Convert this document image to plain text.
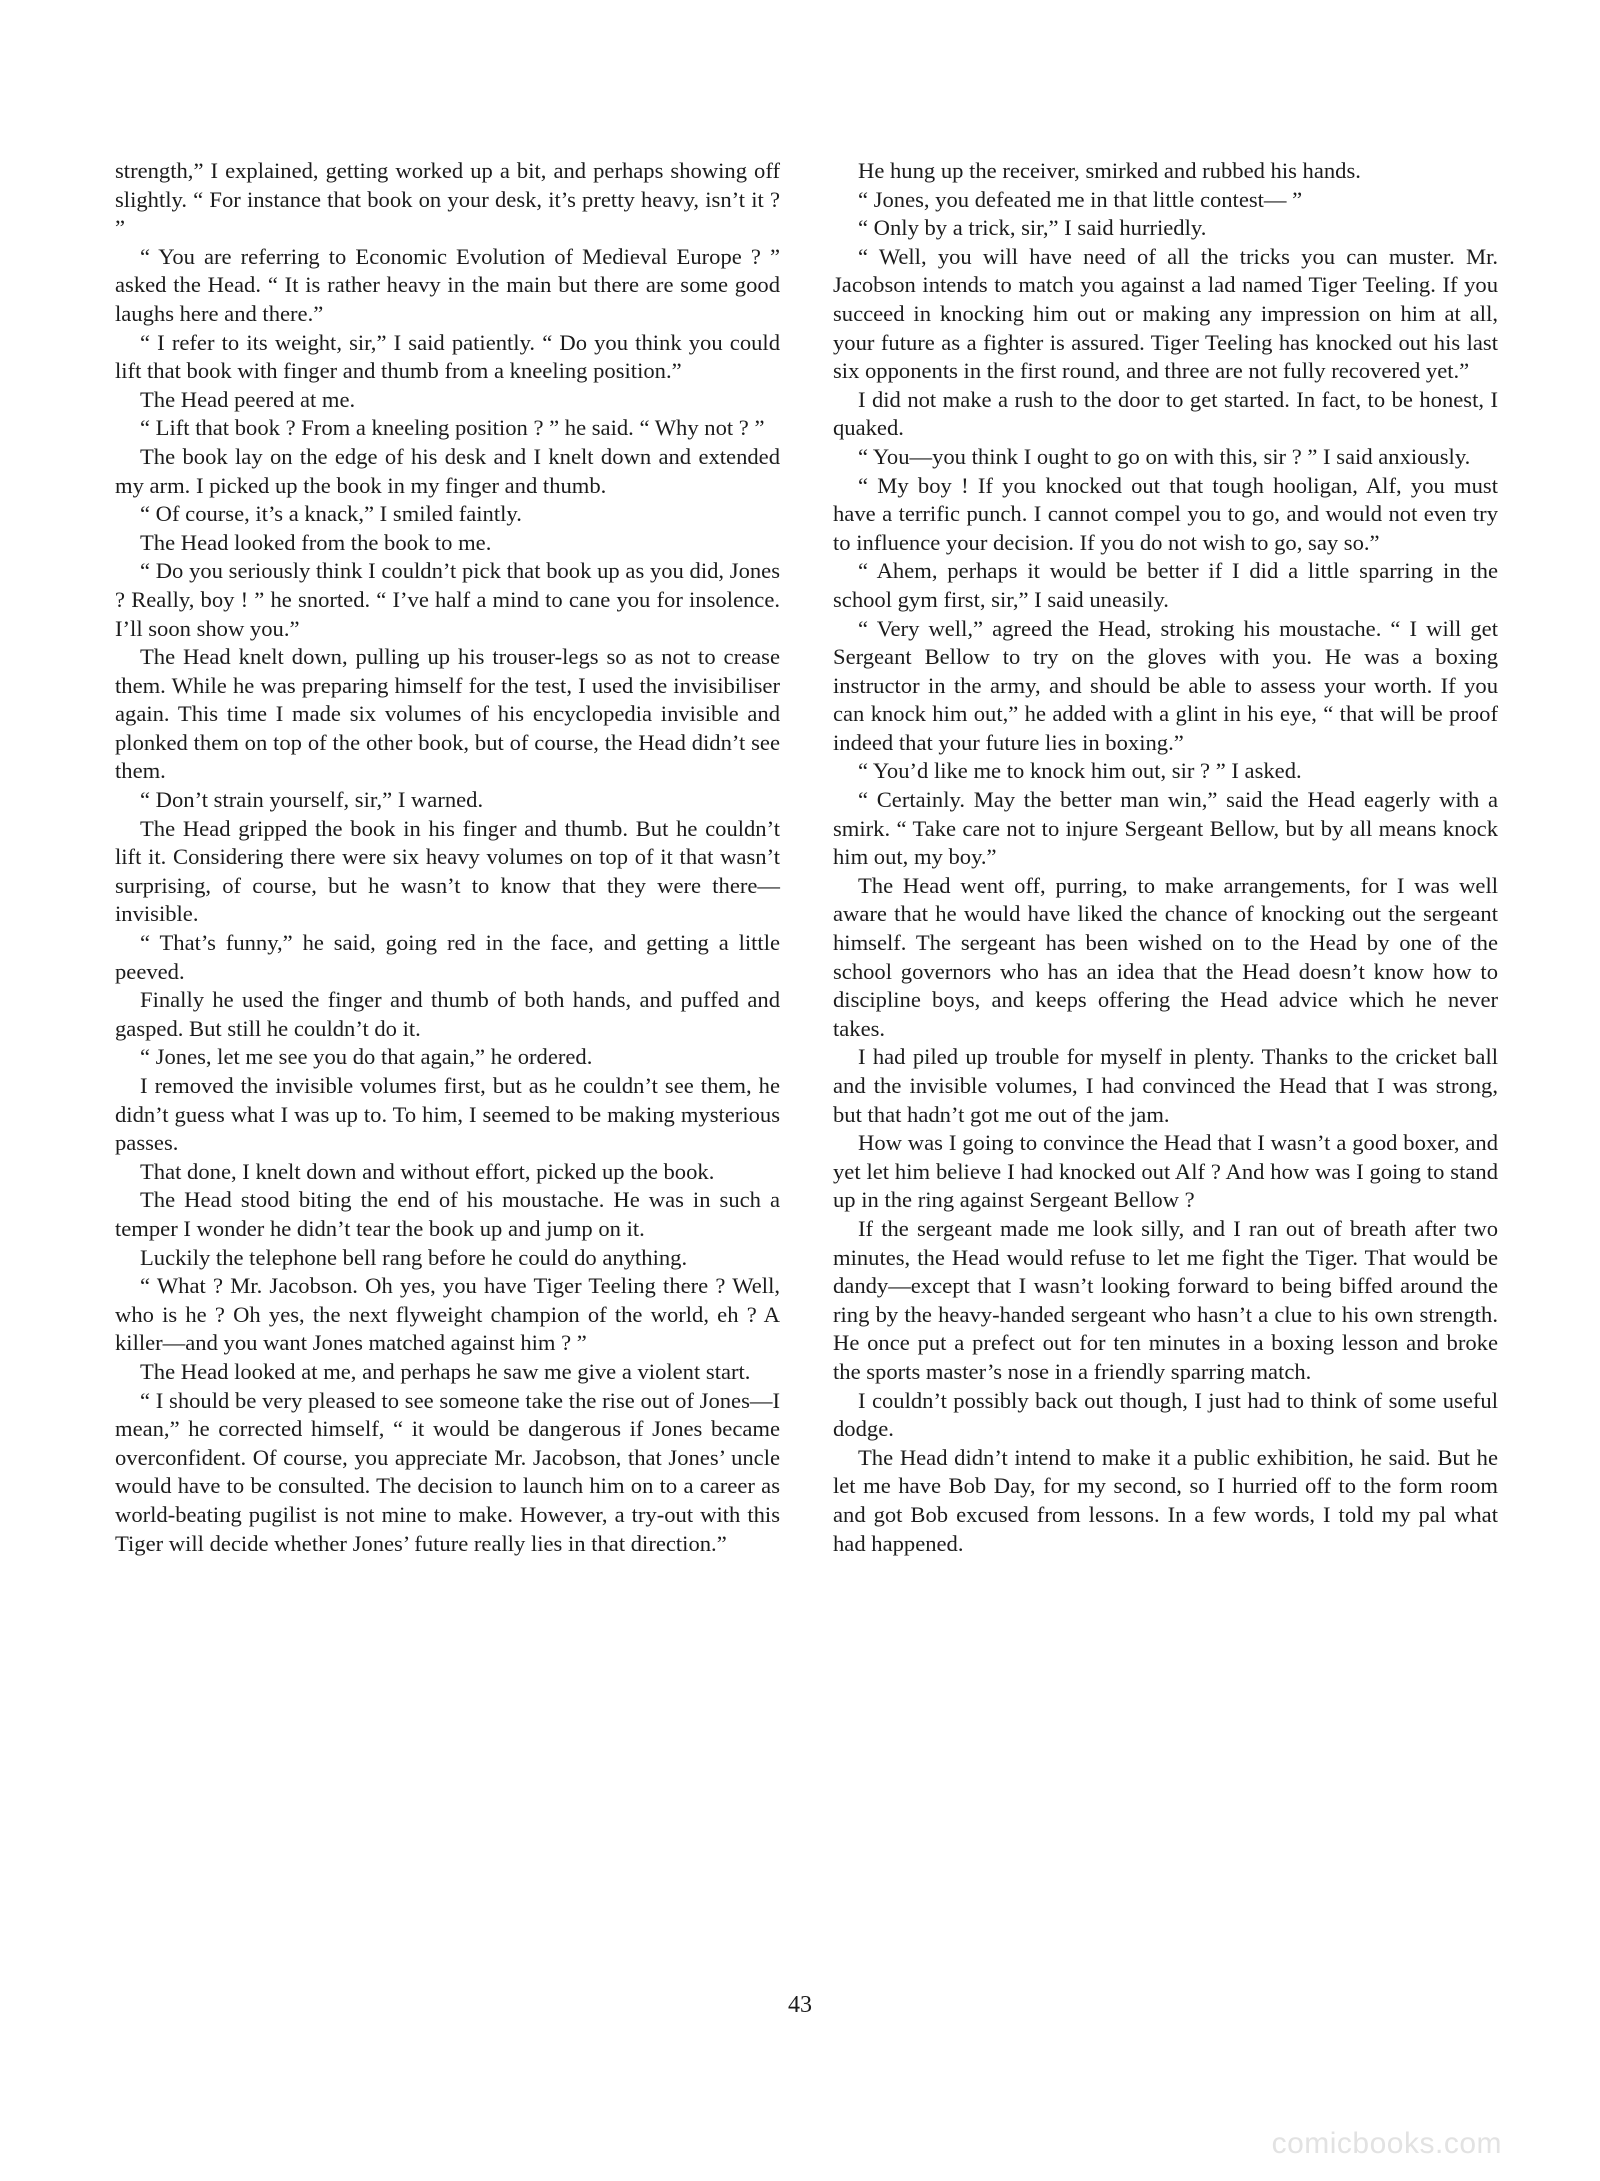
strength,” I explained, getting worked up a bit, and perhaps showing off slightly. “ For instance that book on your desk, it’s pretty heavy, isn’t it ? ”

“ You are referring to Economic Evolution of Medieval Europe ? ” asked the Head. “ It is rather heavy in the main but there are some good laughs here and there.”

“ I refer to its weight, sir,” I said patiently. “ Do you think you could lift that book with finger and thumb from a kneeling position.”

The Head peered at me.

“ Lift that book ? From a kneeling position ? ” he said. “ Why not ? ”

The book lay on the edge of his desk and I knelt down and extended my arm. I picked up the book in my finger and thumb.

“ Of course, it’s a knack,” I smiled faintly.

The Head looked from the book to me.

“ Do you seriously think I couldn’t pick that book up as you did, Jones ? Really, boy ! ” he snorted. “ I’ve half a mind to cane you for insolence. I’ll soon show you.”

The Head knelt down, pulling up his trouser-legs so as not to crease them. While he was preparing himself for the test, I used the invisibiliser again. This time I made six volumes of his encyclopedia invisible and plonked them on top of the other book, but of course, the Head didn’t see them.

“ Don’t strain yourself, sir,” I warned.

The Head gripped the book in his finger and thumb. But he couldn’t lift it. Considering there were six heavy volumes on top of it that wasn’t surprising, of course, but he wasn’t to know that they were there—invisible.

“ That’s funny,” he said, going red in the face, and getting a little peeved.

Finally he used the finger and thumb of both hands, and puffed and gasped. But still he couldn’t do it.

“ Jones, let me see you do that again,” he ordered.

I removed the invisible volumes first, but as he couldn’t see them, he didn’t guess what I was up to. To him, I seemed to be making mysterious passes.

That done, I knelt down and without effort, picked up the book.

The Head stood biting the end of his moustache. He was in such a temper I wonder he didn’t tear the book up and jump on it.

Luckily the telephone bell rang before he could do anything.

“ What ? Mr. Jacobson. Oh yes, you have Tiger Teeling there ? Well, who is he ? Oh yes, the next flyweight champion of the world, eh ? A killer—and you want Jones matched against him ? ”

The Head looked at me, and perhaps he saw me give a violent start.

“ I should be very pleased to see someone take the rise out of Jones—I mean,” he corrected himself, “ it would be dangerous if Jones became overconfident. Of course, you appreciate Mr. Jacobson, that Jones’ uncle would have to be consulted. The decision to launch him on to a career as world-beating pugilist is not mine to make. However, a try-out with this Tiger will decide whether Jones’ future really lies in that direction.”

He hung up the receiver, smirked and rubbed his hands.

“ Jones, you defeated me in that little contest— ”

“ Only by a trick, sir,” I said hurriedly.

“ Well, you will have need of all the tricks you can muster. Mr. Jacobson intends to match you against a lad named Tiger Teeling. If you succeed in knocking him out or making any impression on him at all, your future as a fighter is assured. Tiger Teeling has knocked out his last six opponents in the first round, and three are not fully recovered yet.”

I did not make a rush to the door to get started. In fact, to be honest, I quaked.

“ You—you think I ought to go on with this, sir ? ” I said anxiously.

“ My boy ! If you knocked out that tough hooligan, Alf, you must have a terrific punch. I cannot compel you to go, and would not even try to influence your decision. If you do not wish to go, say so.”

“ Ahem, perhaps it would be better if I did a little sparring in the school gym first, sir,” I said uneasily.

“ Very well,” agreed the Head, stroking his moustache. “ I will get Sergeant Bellow to try on the gloves with you. He was a boxing instructor in the army, and should be able to assess your worth. If you can knock him out,” he added with a glint in his eye, “ that will be proof indeed that your future lies in boxing.”

“ You’d like me to knock him out, sir ? ” I asked.

“ Certainly. May the better man win,” said the Head eagerly with a smirk. “ Take care not to injure Sergeant Bellow, but by all means knock him out, my boy.”

The Head went off, purring, to make arrangements, for I was well aware that he would have liked the chance of knocking out the sergeant himself. The sergeant has been wished on to the Head by one of the school governors who has an idea that the Head doesn’t know how to discipline boys, and keeps offering the Head advice which he never takes.

I had piled up trouble for myself in plenty. Thanks to the cricket ball and the invisible volumes, I had convinced the Head that I was strong, but that hadn’t got me out of the jam.

How was I going to convince the Head that I wasn’t a good boxer, and yet let him believe I had knocked out Alf ? And how was I going to stand up in the ring against Sergeant Bellow ?

If the sergeant made me look silly, and I ran out of breath after two minutes, the Head would refuse to let me fight the Tiger. That would be dandy—except that I wasn’t looking forward to being biffed around the ring by the heavy-handed sergeant who hasn’t a clue to his own strength. He once put a prefect out for ten minutes in a boxing lesson and broke the sports master’s nose in a friendly sparring match.

I couldn’t possibly back out though, I just had to think of some useful dodge.

The Head didn’t intend to make it a public exhibition, he said. But he let me have Bob Day, for my second, so I hurried off to the form room and got Bob excused from lessons. In a few words, I told my pal what had happened.

43
comicbooks.com
